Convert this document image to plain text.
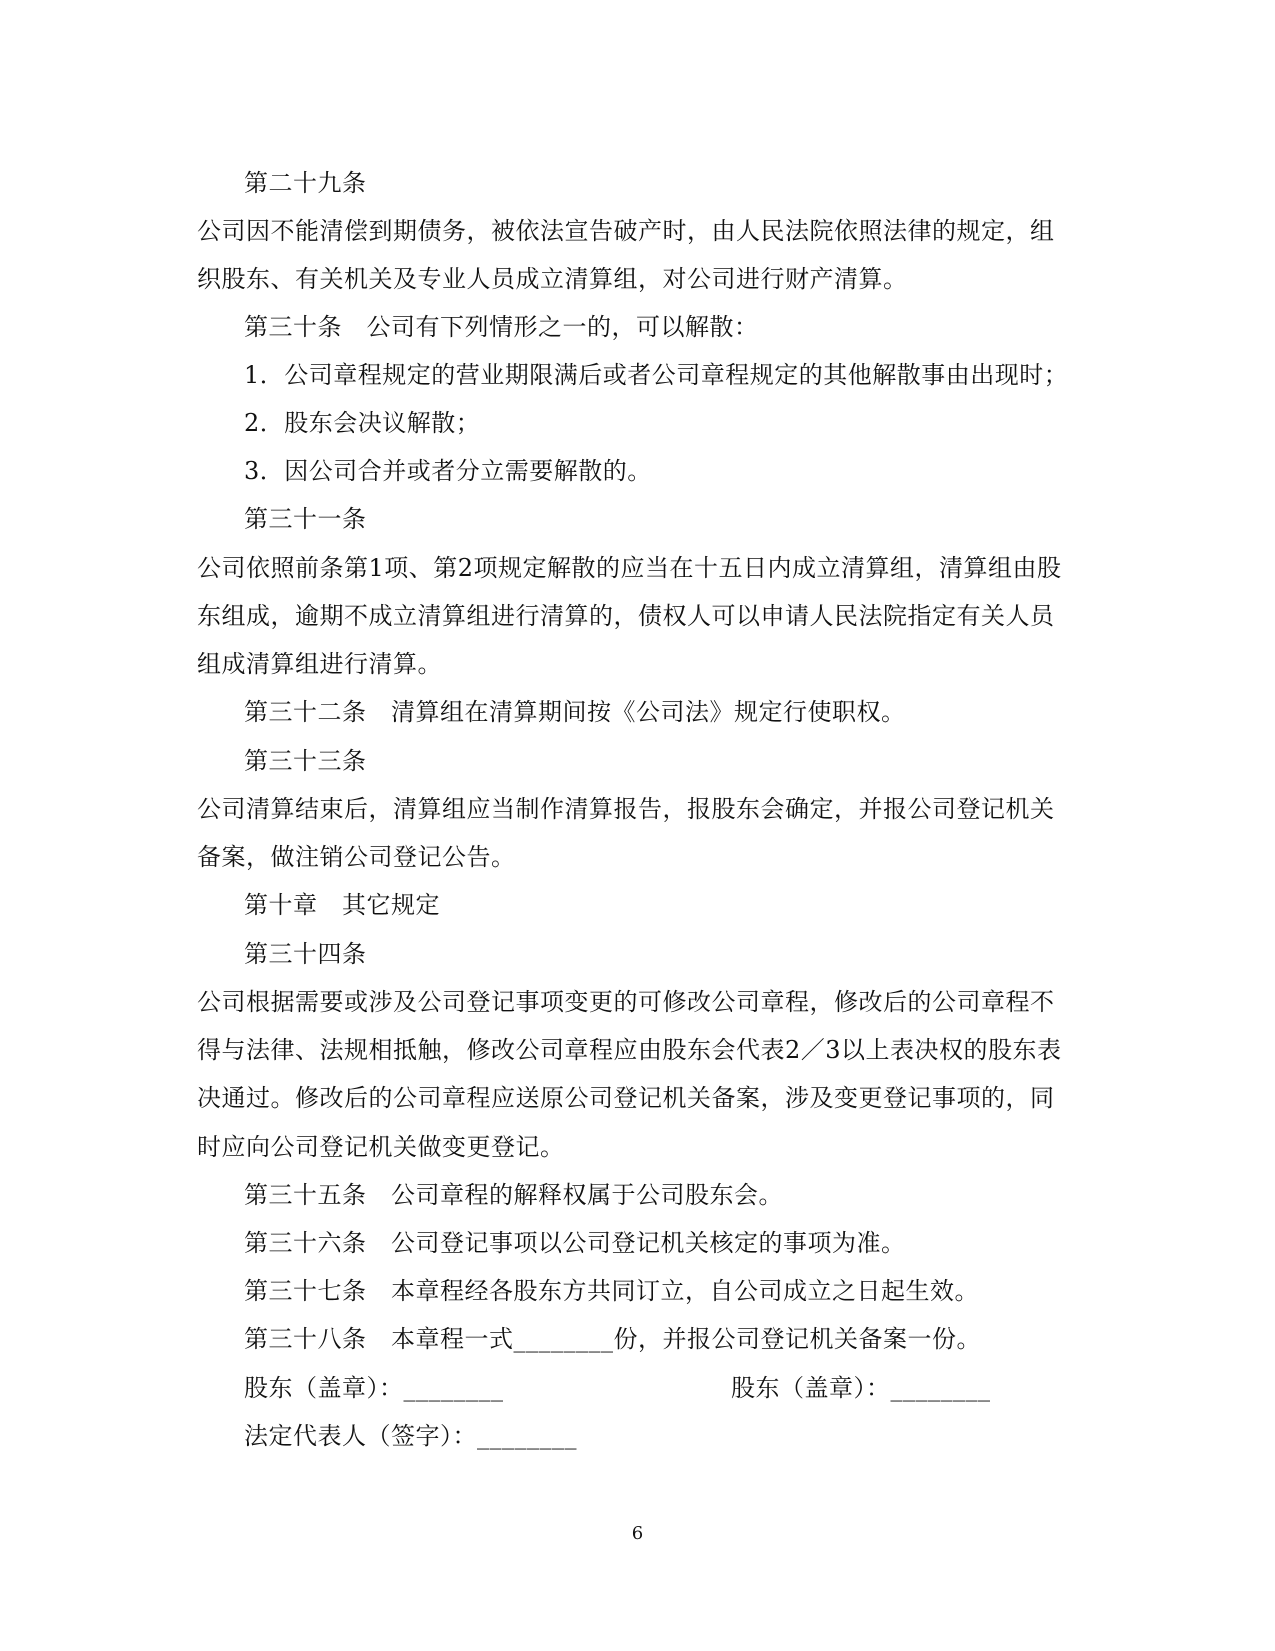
第二十九条
公司因不能清偿到期债务，被依法宣告破产时，由人民法院依照法律的规定，组
织股东、有关机关及专业人员成立清算组，对公司进行财产清算。
第三十条　公司有下列情形之一的，可以解散：
1．公司章程规定的营业期限满后或者公司章程规定的其他解散事由出现时；
2．股东会决议解散；
3．因公司合并或者分立需要解散的。
第三十一条
公司依照前条第1项、第2项规定解散的应当在十五日内成立清算组，清算组由股
东组成，逾期不成立清算组进行清算的，债权人可以申请人民法院指定有关人员
组成清算组进行清算。
第三十二条　清算组在清算期间按《公司法》规定行使职权。
第三十三条
公司清算结束后，清算组应当制作清算报告，报股东会确定，并报公司登记机关
备案，做注销公司登记公告。
第十章　其它规定
第三十四条
公司根据需要或涉及公司登记事项变更的可修改公司章程，修改后的公司章程不
得与法律、法规相抵触，修改公司章程应由股东会代表2／3以上表决权的股东表
决通过。修改后的公司章程应送原公司登记机关备案，涉及变更登记事项的，同
时应向公司登记机关做变更登记。
第三十五条　公司章程的解释权属于公司股东会。
第三十六条　公司登记事项以公司登记机关核定的事项为准。
第三十七条　本章程经各股东方共同订立，自公司成立之日起生效。
第三十八条　本章程一式________份，并报公司登记机关备案一份。
股东（盖章）：________	股东（盖章）：________
法定代表人（签字）：________
6
